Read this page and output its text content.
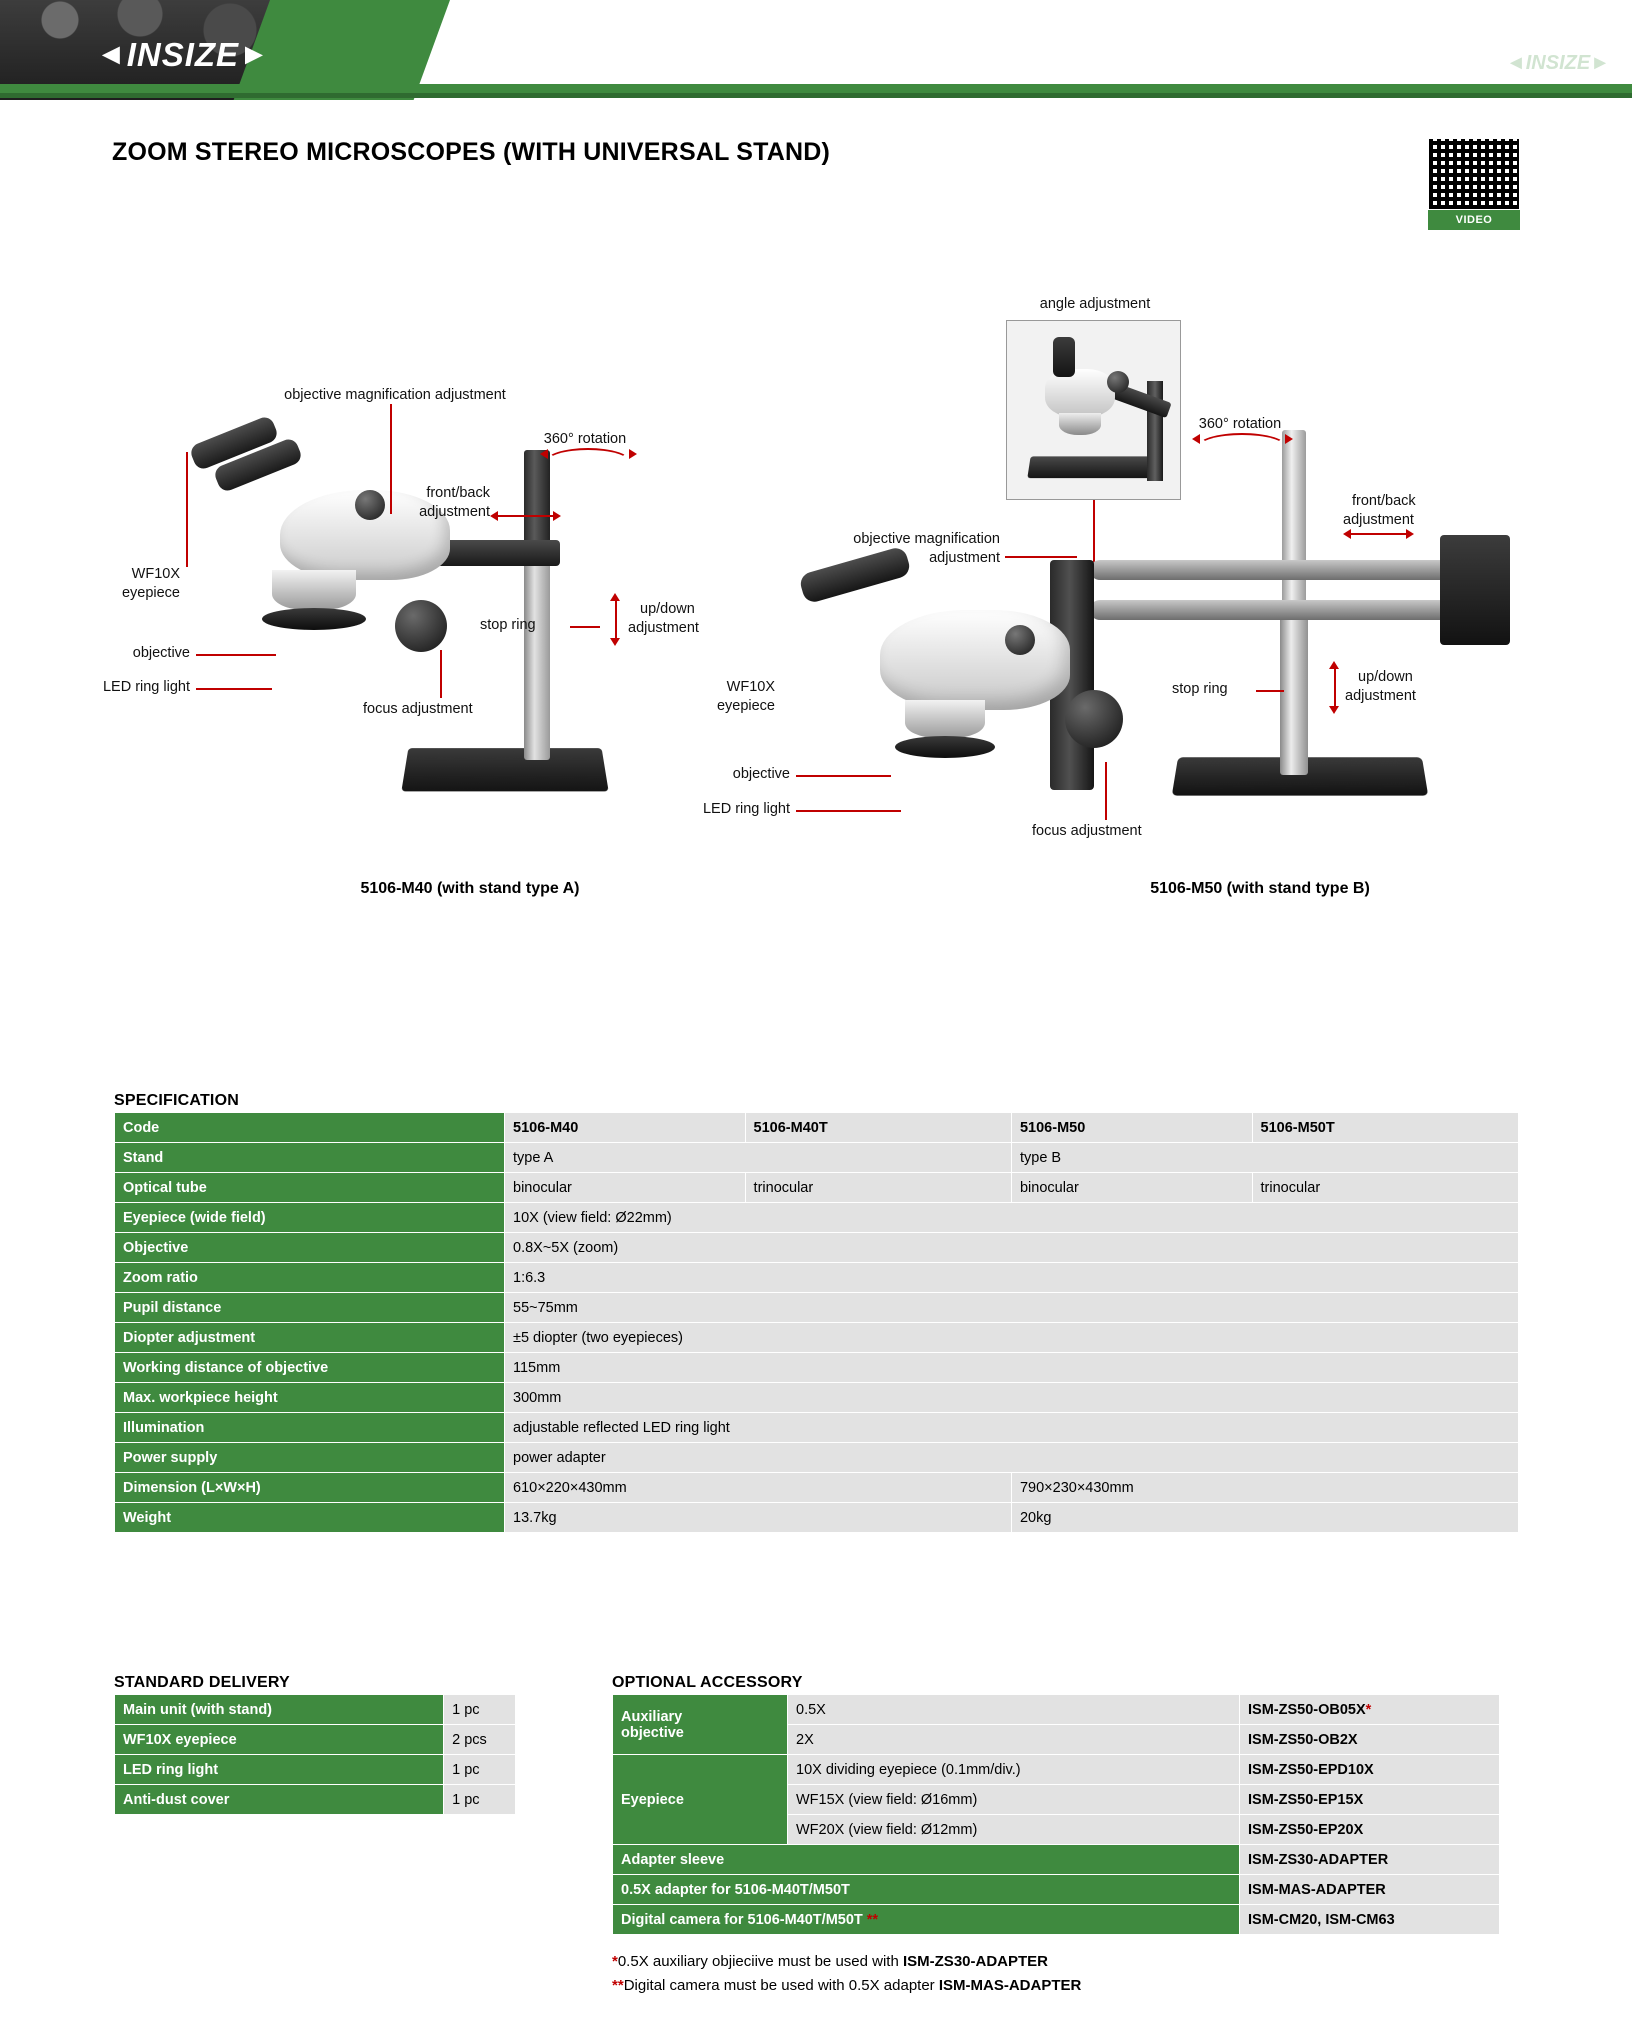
◄ INSIZE ►	◄ INSIZE ►
ZOOM STEREO MICROSCOPES (WITH UNIVERSAL STAND)
VIDEO
objective magnification adjustment
360° rotation
front/back
adjustment
WF10X
eyepiece
objective
LED ring light
stop ring
up/down
adjustment
focus adjustment
5106-M40 (with stand type A)
angle adjustment
objective magnification
adjustment
360° rotation
front/back
adjustment
WF10X
eyepiece
objective
LED ring light
stop ring
up/down
adjustment
focus adjustment
5106-M50 (with stand type B)
SPECIFICATION
Code	5106-M40	5106-M40T	5106-M50	5106-M50T
Stand	type A		type B	
Optical tube	binocular	trinocular	binocular	trinocular
Eyepiece (wide field)	10X (view field: Ø22mm)			
Objective	0.8X~5X (zoom)			
Zoom ratio	1:6.3			
Pupil distance	55~75mm			
Diopter adjustment	±5 diopter (two eyepieces)			
Working distance of objective	115mm			
Max. workpiece height	300mm			
Illumination	adjustable reflected LED ring light			
Power supply	power adapter			
Dimension (L×W×H)	610×220×430mm		790×230×430mm	
Weight	13.7kg		20kg	
STANDARD DELIVERY
Main unit (with stand)	1 pc
WF10X eyepiece	2 pcs
LED ring light	1 pc
Anti-dust cover	1 pc
OPTIONAL ACCESSORY
Auxiliary
objective	0.5X	ISM-ZS50-OB05X*
	2X	ISM-ZS50-OB2X
Eyepiece	10X dividing eyepiece (0.1mm/div.)	ISM-ZS50-EPD10X
	WF15X (view field: Ø16mm)	ISM-ZS50-EP15X
	WF20X (view field: Ø12mm)	ISM-ZS50-EP20X
Adapter sleeve		ISM-ZS30-ADAPTER
0.5X adapter for 5106-M40T/M50T		ISM-MAS-ADAPTER
Digital camera for 5106-M40T/M50T **		ISM-CM20, ISM-CM63
*0.5X auxiliary objieciive must be used with ISM-ZS30-ADAPTER
**Digital camera must be used with 0.5X adapter ISM-MAS-ADAPTER
